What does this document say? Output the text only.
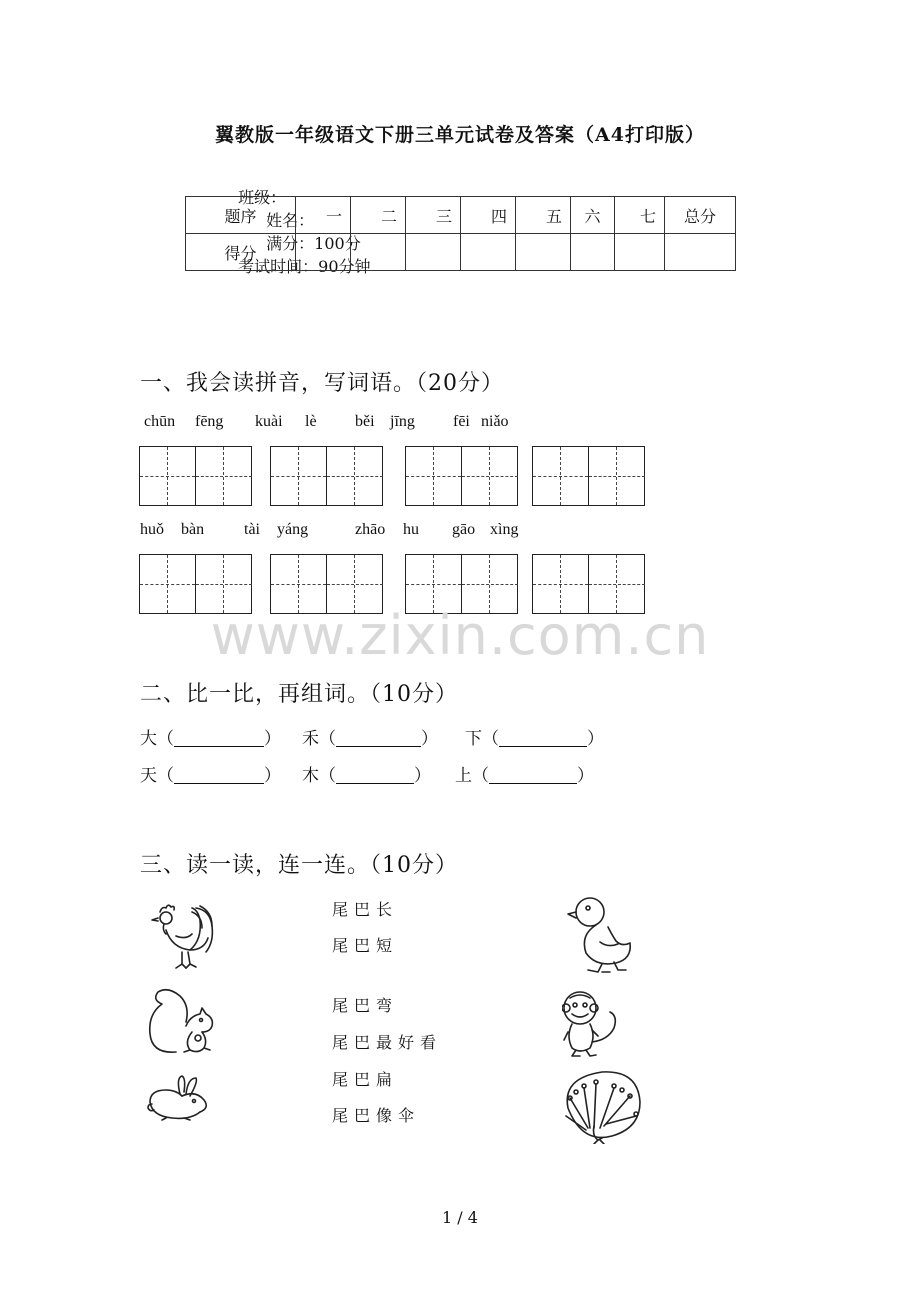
翼教版一年级语文下册三单元试卷及答案（A4打印版）

班级：
姓名：
满分：100分
考试时间：90分钟

题序	一	二	三	四	五	六	七	总分
得分								
一、我会读拼音，写词语。（20分）

chūn

fēng

kuài

lè

běi

jīng

fēi

niǎo

huǒ

bàn

tài

yáng

	zhāo

hu

gāo

xìng

www.zixin.com.cn
二、比一比，再组词。（10分）

大（	）

禾（	）

下（	）

天（	）

木（	）

上（	）

三、读一读，连一连。（10分）
尾巴长
尾巴短
尾巴弯
尾巴最好看
尾巴扁
尾巴像伞
1 / 4
